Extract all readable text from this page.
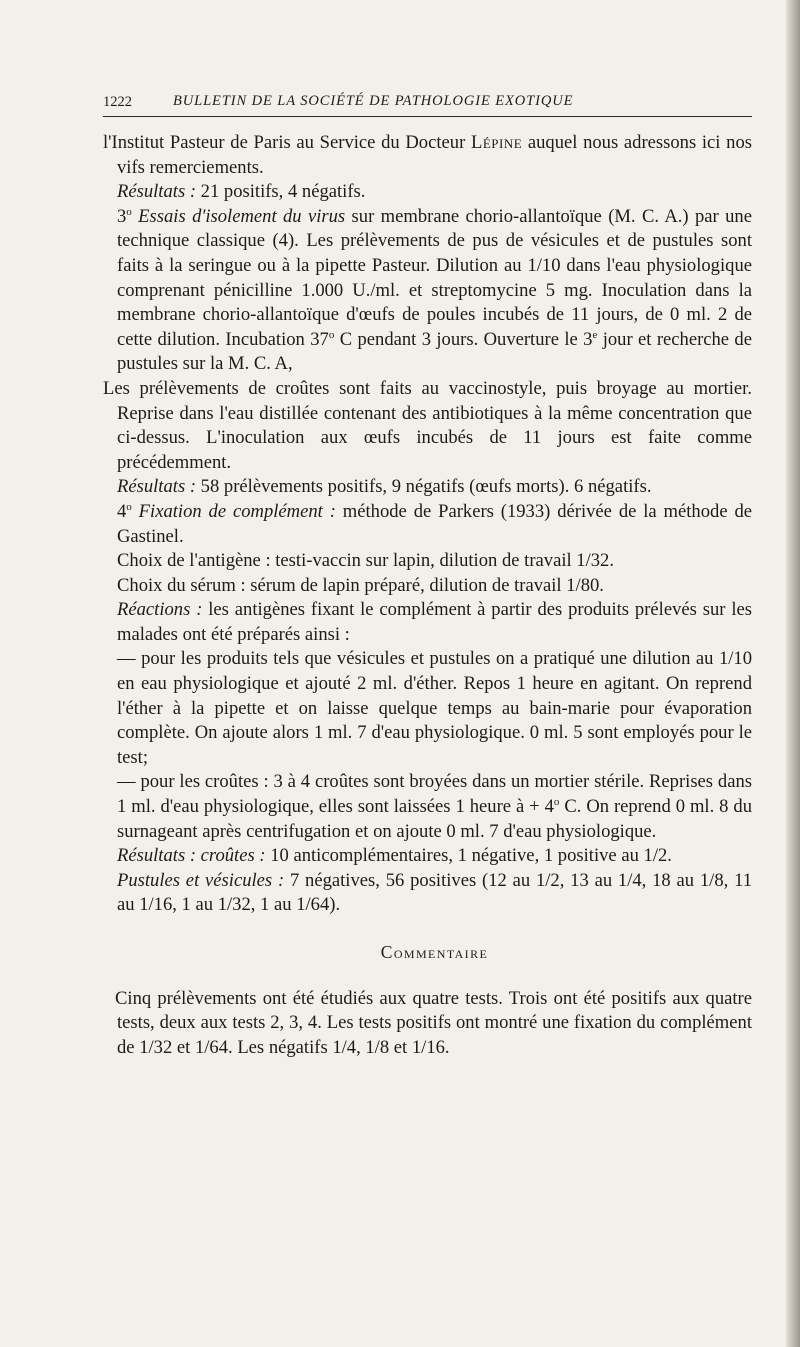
1222	BULLETIN DE LA SOCIÉTÉ DE PATHOLOGIE EXOTIQUE

l'Institut Pasteur de Paris au Service du Docteur Lépine auquel nous adressons ici nos vifs remerciements.

Résultats : 21 positifs, 4 négatifs.

3$^o$ Essais d'isolement du virus sur membrane chorio-allantoïque (M. C. A.) par une technique classique (4). Les prélèvements de pus de vésicules et de pustules sont faits à la seringue ou à la pipette Pasteur. Dilution au 1/10 dans l'eau physiologique comprenant pénicilline 1.000 U./ml. et streptomycine 5 mg. Inoculation dans la membrane chorio-allantoïque d'œufs de poules incubés de 11 jours, de 0 ml. 2 de cette dilution. Incubation 37$^o$ C pendant 3 jours. Ouverture le 3e jour et recherche de pustules sur la M. C. A,

Les prélèvements de croûtes sont faits au vaccinostyle, puis broyage au mortier. Reprise dans l'eau distillée contenant des antibiotiques à la même concentration que ci-dessus. L'inoculation aux œufs incubés de 11 jours est faite comme précédemment.

Résultats : 58 prélèvements positifs, 9 négatifs (œufs morts). 6 négatifs.

4$^o$ Fixation de complément : méthode de Parkers (1933) dérivée de la méthode de Gastinel.

Choix de l'antigène : testi-vaccin sur lapin, dilution de travail 1/32.

Choix du sérum : sérum de lapin préparé, dilution de travail 1/80.

Réactions : les antigènes fixant le complément à partir des produits prélevés sur les malades ont été préparés ainsi :

— pour les produits tels que vésicules et pustules on a pratiqué une dilution au 1/10 en eau physiologique et ajouté 2 ml. d'éther. Repos 1 heure en agitant. On reprend l'éther à la pipette et on laisse quelque temps au bain-marie pour évaporation complète. On ajoute alors 1 ml. 7 d'eau physiologique. 0 ml. 5 sont employés pour le test;

— pour les croûtes : 3 à 4 croûtes sont broyées dans un mortier stérile. Reprises dans 1 ml. d'eau physiologique, elles sont laissées 1 heure à + $4^o$ C. On reprend 0 ml. 8 du surnageant après centrifugation et on ajoute 0 ml. 7 d'eau physiologique.

Résultats : croûtes : 10 anticomplémentaires, 1 négative, 1 positive au 1/2.

Pustules et vésicules : 7 négatives, 56 positives (12 au 1/2, 13 au 1/4, 18 au 1/8, 11 au 1/16, 1 au 1/32, 1 au 1/64).

Commentaire

Cinq prélèvements ont été étudiés aux quatre tests. Trois ont été positifs aux quatre tests, deux aux tests 2, 3, 4. Les tests positifs ont montré une fixation du complément de 1/32 et 1/64. Les négatifs 1/4, 1/8 et 1/16.
